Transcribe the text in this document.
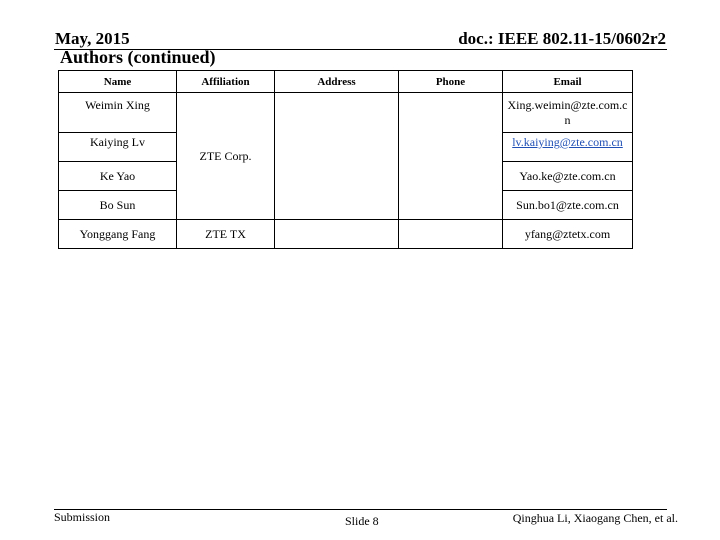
May, 2015	doc.: IEEE 802.11-15/0602r2
Authors (continued)
Name	Affiliation	Address	Phone	Email
Weimin Xing	ZTE Corp.			Xing.weimin@zte.com.cn
Kaiying Lv				lv.kaiying@zte.com.cn
Ke Yao				Yao.ke@zte.com.cn
Bo Sun				Sun.bo1@zte.com.cn
Yonggang Fang	ZTE TX			yfang@ztetx.com
Submission	Slide 8	Qinghua Li, Xiaogang Chen, et al.
